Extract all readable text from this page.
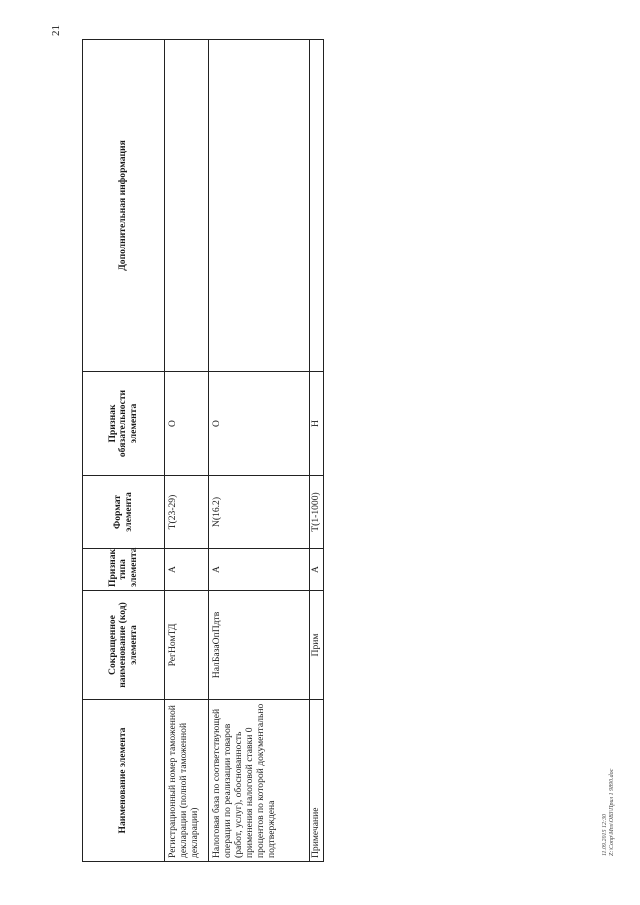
21
Наименование элемента	Сокращенное наименование (код) элемента	Признак типа элемента	Формат элемента	Признак обязательности элемента	Дополнительная информация
Регистрационный номер таможенной декларации (полной таможенной декларации)	РегНомТД	А	T(23-29)	О	
Налоговая база по соответствующей операции по реализации товаров (работ, услуг), обоснованность применения налоговой ставки 0 процентов по которой документально подтверждена	НалБазаОпПдтв	А	N(16.2)	О	
Примечание	Прим	А	T(1-1000)	Н	
11.09.2015 12:30 Z:\Сопр\Mns\ОВЗ\Прил 1 9890.doc
